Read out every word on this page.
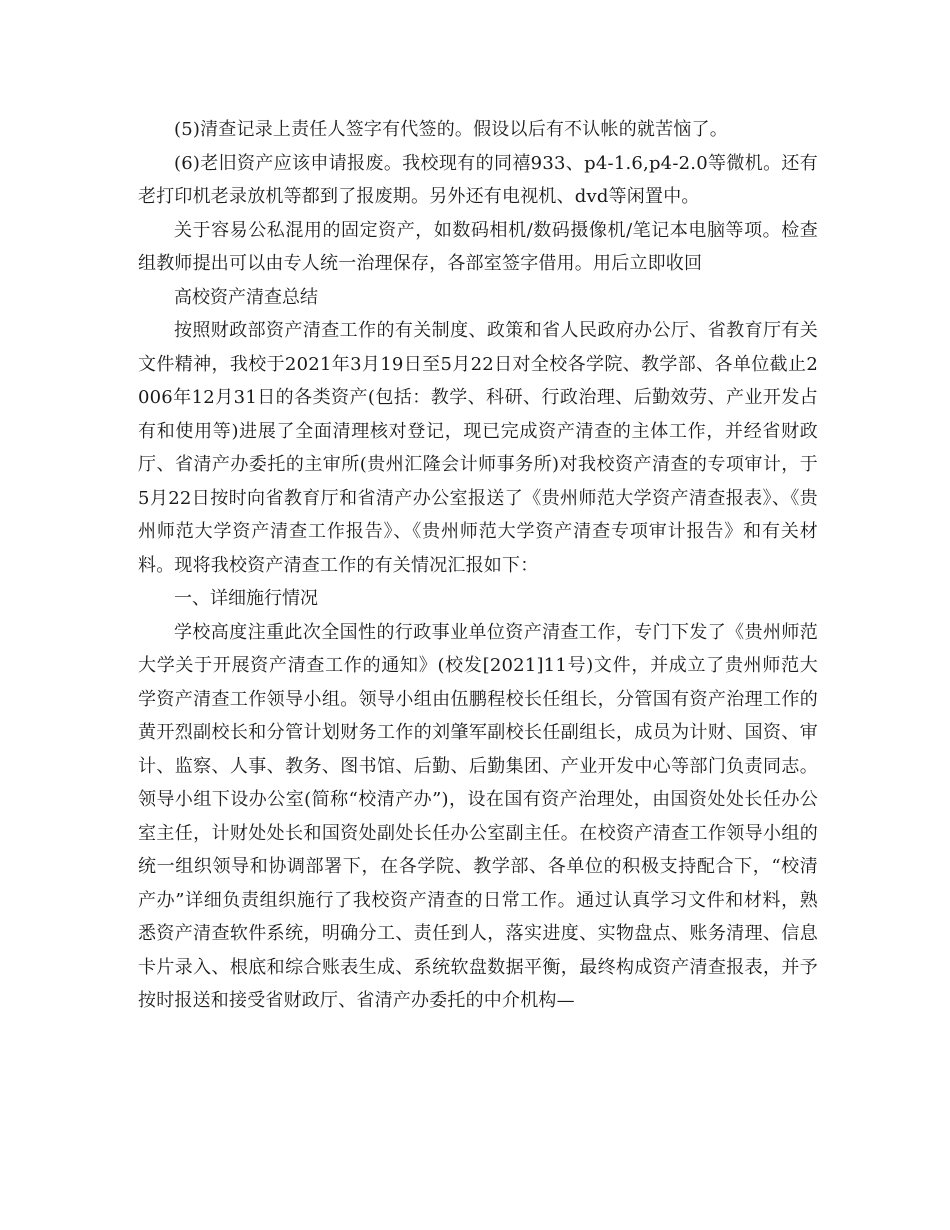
(5)清查记录上责任人签字有代签的。假设以后有不认帐的就苦恼了。

(6)老旧资产应该申请报废。我校现有的同禧933、p4-1.6,p4-2.0等微机。还有老打印机老录放机等都到了报废期。另外还有电视机、dvd等闲置中。

关于容易公私混用的固定资产，如数码相机/数码摄像机/笔记本电脑等项。检查组教师提出可以由专人统一治理保存，各部室签字借用。用后立即收回

高校资产清查总结

按照财政部资产清查工作的有关制度、政策和省人民政府办公厅、省教育厅有关文件精神，我校于2021年3月19日至5月22日对全校各学院、教学部、各单位截止2006年12月31日的各类资产(包括：教学、科研、行政治理、后勤效劳、产业开发占有和使用等)进展了全面清理核对登记，现已完成资产清查的主体工作，并经省财政厅、省清产办委托的主审所(贵州汇隆会计师事务所)对我校资产清查的专项审计，于5月22日按时向省教育厅和省清产办公室报送了《贵州师范大学资产清查报表》、《贵州师范大学资产清查工作报告》、《贵州师范大学资产清查专项审计报告》和有关材料。现将我校资产清查工作的有关情况汇报如下：

一、详细施行情况

学校高度注重此次全国性的行政事业单位资产清查工作，专门下发了《贵州师范大学关于开展资产清查工作的通知》(校发[2021]11号)文件，并成立了贵州师范大学资产清查工作领导小组。领导小组由伍鹏程校长任组长，分管国有资产治理工作的黄开烈副校长和分管计划财务工作的刘肇军副校长任副组长，成员为计财、国资、审计、监察、人事、教务、图书馆、后勤、后勤集团、产业开发中心等部门负责同志。领导小组下设办公室(简称“校清产办”)，设在国有资产治理处，由国资处处长任办公室主任，计财处处长和国资处副处长任办公室副主任。在校资产清查工作领导小组的统一组织领导和协调部署下，在各学院、教学部、各单位的积极支持配合下，“校清产办”详细负责组织施行了我校资产清查的日常工作。通过认真学习文件和材料，熟悉资产清查软件系统，明确分工、责任到人，落实进度、实物盘点、账务清理、信息卡片录入、根底和综合账表生成、系统软盘数据平衡，最终构成资产清查报表，并予按时报送和接受省财政厅、省清产办委托的中介机构—
